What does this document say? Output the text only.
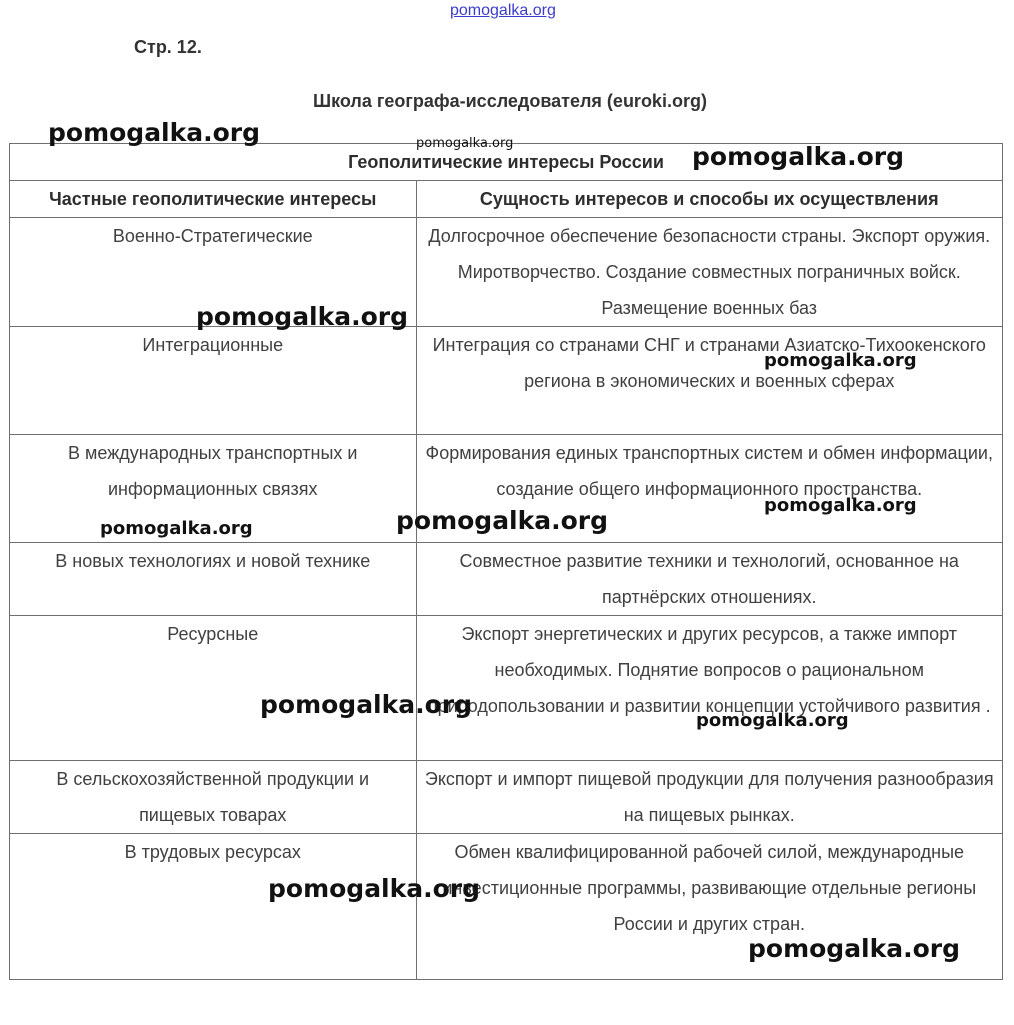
pomogalka.org
Стр. 12.
Школа географа-исследователя (euroki.org)
Геополитические интересы России	
Частные геополитические интересы	Сущность интересов и способы их осуществления
Военно-Стратегические	Долгосрочное обеспечение безопасности страны. Экспорт оружия. Миротворчество. Создание совместных пограничных войск. Размещение военных баз
Интеграционные	Интеграция со странами СНГ и странами Азиатско-Тихоокенского региона в экономических и военных сферах
В международных транспортных и информационных связях	Формирования единых транспортных систем и обмен информации, создание общего информационного пространства.
В новых технологиях и новой технике	Совместное развитие техники и технологий, основанное на партнёрских отношениях.
Ресурсные	Экспорт энергетических и других ресурсов, а также импорт необходимых. Поднятие вопросов о рациональном природопользовании и развитии концепции устойчивого развития .
В сельскохозяйственной продукции и пищевых товарах	Экспорт и импорт пищевой продукции для получения разнообразия на пищевых рынках.
В трудовых ресурсах	Обмен квалифицированной рабочей силой, международные инвестиционные программы, развивающие отдельные регионы России и других стран.
pomogalka.org	pomogalka.org	pomogalka.org
pomogalka.org
pomogalka.org
pomogalka.org
pomogalka.org	pomogalka.org
pomogalka.org
pomogalka.org
pomogalka.org
pomogalka.org
